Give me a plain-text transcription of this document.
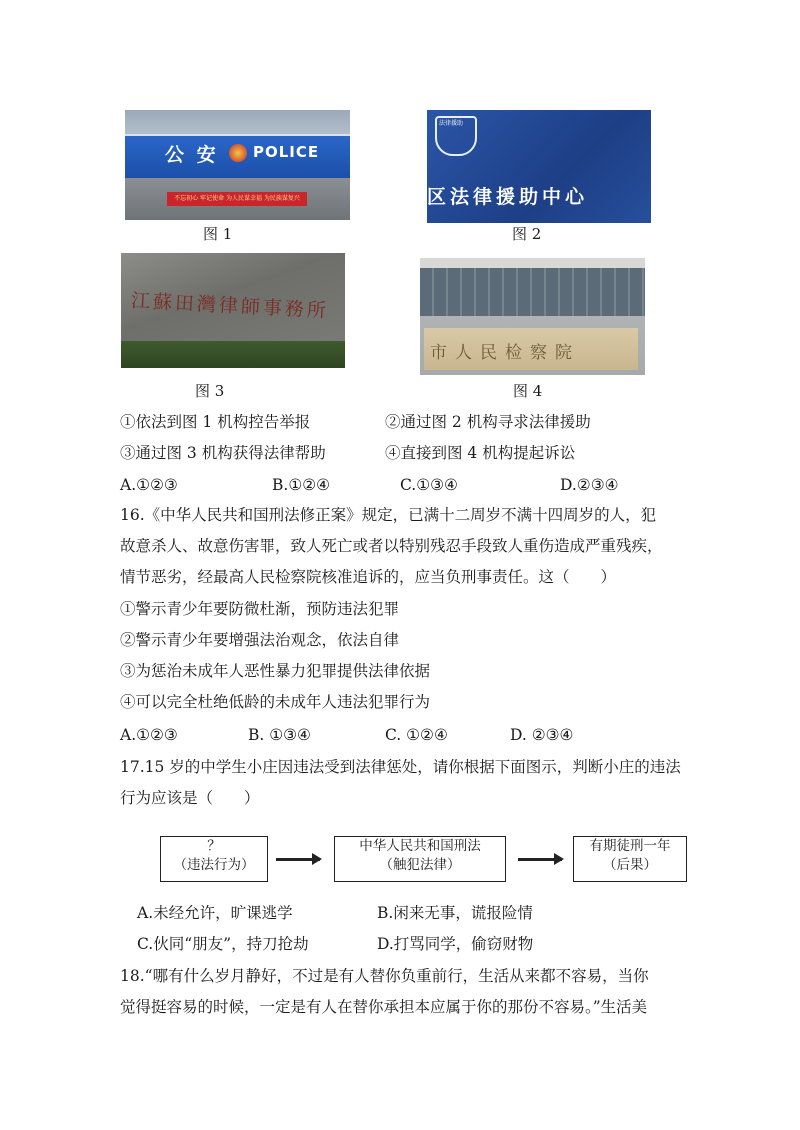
公 安 POLICE
不忘初心 牢记使命 为人民谋幸福 为民族谋复兴
法律援助
区法律援助中心
江蘇田灣律師事務所
市人民检察院
图 1	图 2
图 3	图 4
①依法到图 1 机构控告举报	②通过图 2 机构寻求法律援助
③通过图 3 机构获得法律帮助	④直接到图 4 机构提起诉讼
A.①②③	B.①②④	C.①③④	D.②③④
16.《中华人民共和国刑法修正案》规定，已满十二周岁不满十四周岁的人，犯
故意杀人、故意伤害罪，致人死亡或者以特别残忍手段致人重伤造成严重残疾，
情节恶劣，经最高人民检察院核准追诉的，应当负刑事责任。这（　　）
①警示青少年要防微杜渐，预防违法犯罪
②警示青少年要增强法治观念，依法自律
③为惩治未成年人恶性暴力犯罪提供法律依据
④可以完全杜绝低龄的未成年人违法犯罪行为
A.①②③	B. ①③④	C. ①②④	D. ②③④
17.15 岁的中学生小庄因违法受到法律惩处，请你根据下面图示，判断小庄的违法
行为应该是（　　）
？
（违法行为）
中华人民共和国刑法
（触犯法律）
有期徒刑一年
（后果）
A.未经允许，旷课逃学	B.闲来无事，谎报险情
C.伙同“朋友”，持刀抢劫	D.打骂同学，偷窃财物
18.“哪有什么岁月静好，不过是有人替你负重前行，生活从来都不容易，当你
觉得挺容易的时候，一定是有人在替你承担本应属于你的那份不容易。”生活美
